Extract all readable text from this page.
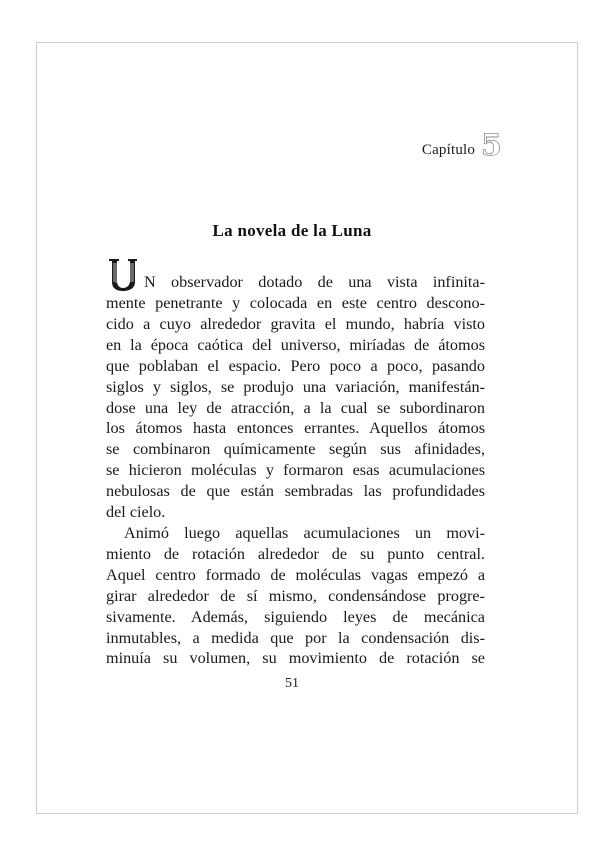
Capítulo 5
La novela de la Luna
N observador dotado de una vista infinita-
mente penetrante y colocada en este centro descono-
cido a cuyo alrededor gravita el mundo, habría visto
en la época caótica del universo, miríadas de átomos
que poblaban el espacio. Pero poco a poco, pasando
siglos y siglos, se produjo una variación, manifestán-
dose una ley de atracción, a la cual se subordinaron
los átomos hasta entonces errantes. Aquellos átomos
se combinaron químicamente según sus afinidades,
se hicieron moléculas y formaron esas acumulaciones
nebulosas de que están sembradas las profundidades
del cielo.
Animó luego aquellas acumulaciones un movi-
miento de rotación alrededor de su punto central.
Aquel centro formado de moléculas vagas empezó a
girar alrededor de sí mismo, condensándose progre-
sivamente. Además, siguiendo leyes de mecánica
inmutables, a medida que por la condensación dis-
minuía su volumen, su movimiento de rotación se
51
